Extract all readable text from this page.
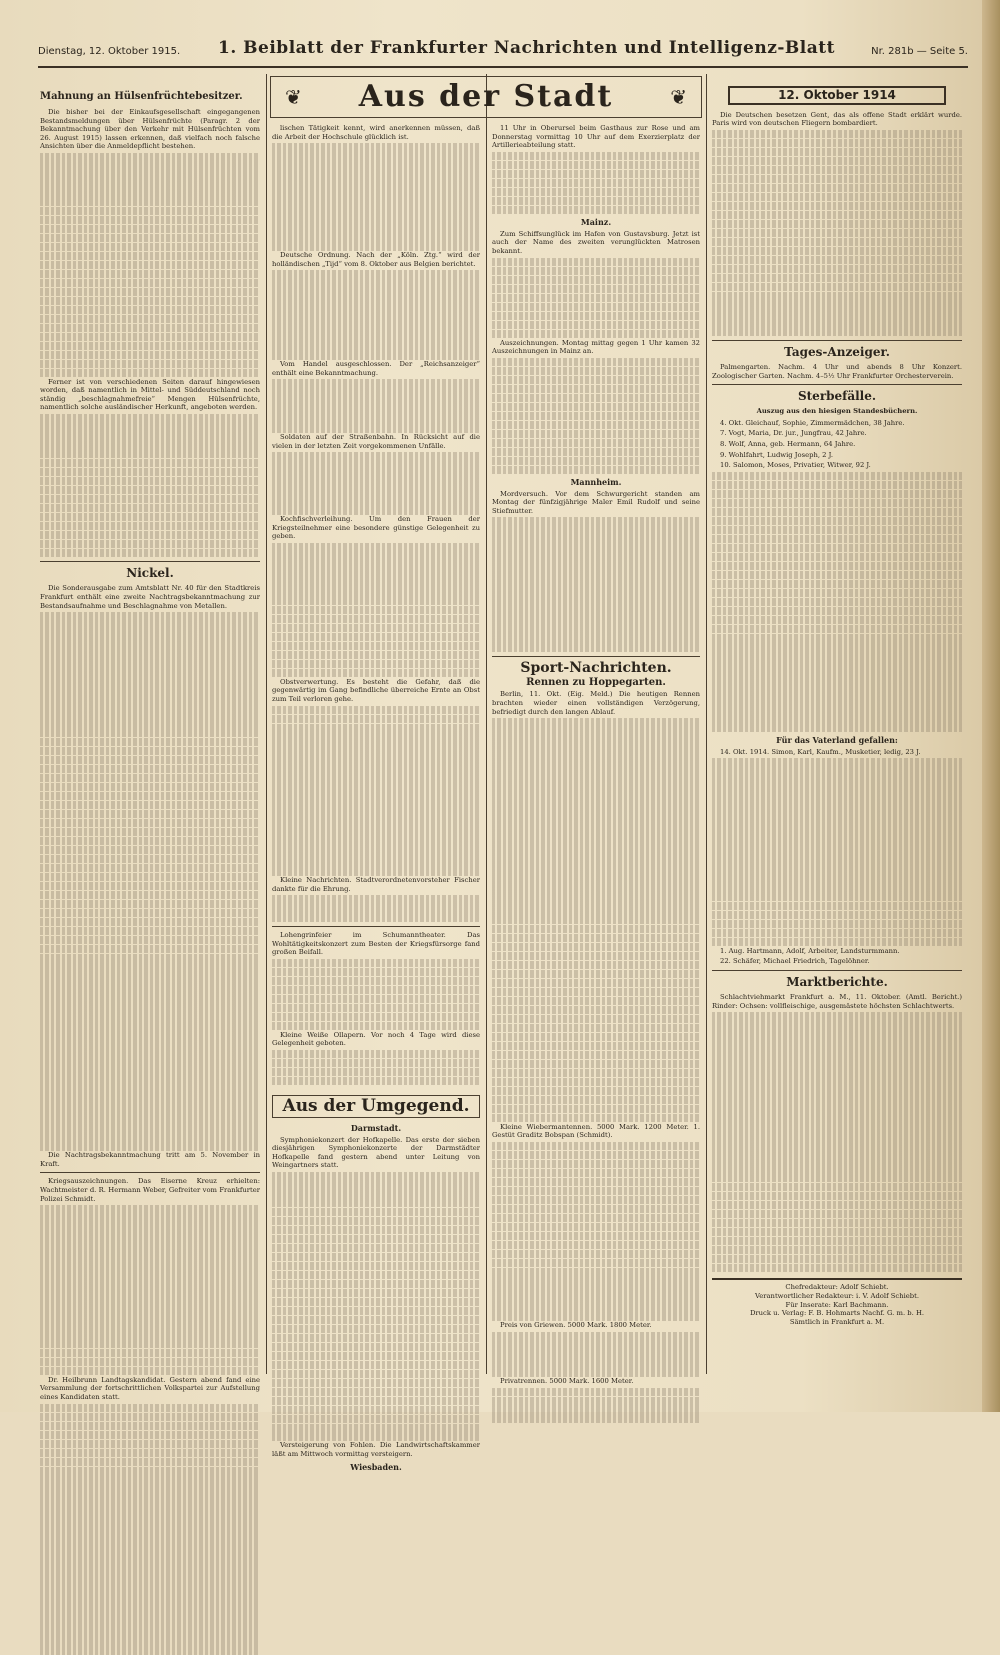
Dienstag, 12. Oktober 1915. 1. Beiblatt der Frankfurter Nachrichten und Intelligenz-Blatt	Nr. 281b — Seite 5.
Mahnung an Hülsenfrüchtebesitzer.

Die bisher bei der Einkaufsgesellschaft eingegangenen Bestandsmeldungen über Hülsenfrüchte (Paragr. 2 der Bekanntmachung über den Verkehr mit Hülsenfrüchten vom 26. August 1915) lassen erkennen, daß vielfach noch falsche Ansichten über die Anmeldepflicht bestehen.

Ferner ist von verschiedenen Seiten darauf hingewiesen worden, daß namentlich in Mittel- und Süddeutschland noch ständig „beschlagnahmefreie“ Mengen Hülsenfrüchte, namentlich solche ausländischer Herkunft, angeboten werden.

Nickel.

Die Sonderausgabe zum Amtsblatt Nr. 40 für den Stadtkreis Frankfurt enthält eine zweite Nachtragsbekanntmachung zur Bestandsaufnahme und Beschlagnahme von Metallen.

Die Nachtragsbekanntmachung tritt am 5. November in Kraft.

Kriegsauszeichnungen. Das Eiserne Kreuz erhielten: Wachtmeister d. R. Hermann Weber, Gefreiter vom Frankfurter Polizei Schmidt.

Dr. Heilbrunn Landtagskandidat. Gestern abend fand eine Versammlung der fortschrittlichen Volkspartei zur Aufstellung eines Kandidaten statt.

❦ Aus der Stadt	❦

lischen Tätigkeit kennt, wird anerkennen müssen, daß die Arbeit der Hochschule glücklich ist.

Deutsche Ordnung. Nach der „Köln. Ztg.“ wird der holländischen „Tijd“ vom 8. Oktober aus Belgien berichtet.

Vom Handel ausgeschlossen. Der „Reichsanzeiger“ enthält eine Bekanntmachung.

Soldaten auf der Straßenbahn. In Rücksicht auf die vielen in der letzten Zeit vorgekommenen Unfälle.

Kochfischverleihung. Um den Frauen der Kriegsteilnehmer eine besondere günstige Gelegenheit zu geben.

Obstverwertung. Es besteht die Gefahr, daß die gegenwärtig im Gang befindliche überreiche Ernte an Obst zum Teil verloren gehe.

Kleine Nachrichten. Stadtverordnetenvorsteher Fischer dankte für die Ehrung.

Lohengrinfeier im Schumanntheater. Das Wohltätigkeitskonzert zum Besten der Kriegsfürsorge fand großen Beifall.

Kleine Weiße Ollapern. Vor noch 4 Tage wird diese Gelegenheit geboten.

Aus der Umgegend.
Darmstadt.

Symphoniekonzert der Hofkapelle. Das erste der sieben diesjährigen Symphoniekonzerte der Darmstädter Hofkapelle fand gestern abend unter Leitung von Weingartners statt.

Versteigerung von Fohlen. Die Landwirtschaftskammer läßt am Mittwoch vormittag versteigern.

Wiesbaden.

11 Uhr in Oberursel beim Gasthaus zur Rose und am Donnerstag vormittag 10 Uhr auf dem Exerzierplatz der Artillerieabteilung statt.

Mainz.

Zum Schiffsunglück im Hafen von Gustavsburg. Jetzt ist auch der Name des zweiten verunglückten Matrosen bekannt.

Auszeichnungen. Montag mittag gegen 1 Uhr kamen 32 Auszeichnungen in Mainz an.

Mannheim.

Mordversuch. Vor dem Schwurgericht standen am Montag der fünfzigjährige Maler Emil Rudolf und seine Stiefmutter.

Sport-Nachrichten.
Rennen zu Hoppegarten.

Berlin, 11. Okt. (Eig. Meld.) Die heutigen Rennen brachten wieder einen vollständigen Verzögerung, befriedigt durch den langen Ablauf.

Kleine Wiebermantennen. 5000 Mark. 1200 Meter. 1. Gestüt Graditz Bobspan (Schmidt).

Preis von Griewen. 5000 Mark. 1800 Meter.

Privatrennen. 5000 Mark. 1600 Meter.

12. Oktober 1914

Die Deutschen besetzen Gent, das als offene Stadt erklärt wurde. Paris wird von deutschen Fliegern bombardiert.

Tages-Anzeiger.

Palmengarten. Nachm. 4 Uhr und abends 8 Uhr Konzert. Zoologischer Garten. Nachm. 4–5½ Uhr Frankfurter Orchesterverein.

Sterbefälle.
Auszug aus den hiesigen Standesbüchern.

4. Okt. Gleichauf, Sophie, Zimmermädchen, 38 Jahre.

7. Vogt, Maria, Dr. jur., Jungfrau, 42 Jahre.

8. Wolf, Anna, geb. Hermann, 64 Jahre.

9. Wohlfahrt, Ludwig Joseph, 2 J.

10. Salomon, Moses, Privatier, Witwer, 92 J.

Für das Vaterland gefallen:

14. Okt. 1914. Simon, Karl, Kaufm., Musketier, ledig, 23 J.

1. Aug. Hartmann, Adolf, Arbeiter, Landsturmmann.

22. Schäfer, Michael Friedrich, Tagelöhner.

Marktberichte.

Schlachtviehmarkt Frankfurt a. M., 11. Oktober. (Amtl. Bericht.) Rinder: Ochsen: vollfleischige, ausgemästete höchsten Schlachtwerts.

Chefredakteur: Adolf Schiebt.
Verantwortlicher Redakteur: i. V. Adolf Schiebt.
Für Inserate: Karl Bachmann.
Druck u. Verlag: F. B. Hohmarts Nachf. G. m. b. H.
Sämtlich in Frankfurt a. M.
